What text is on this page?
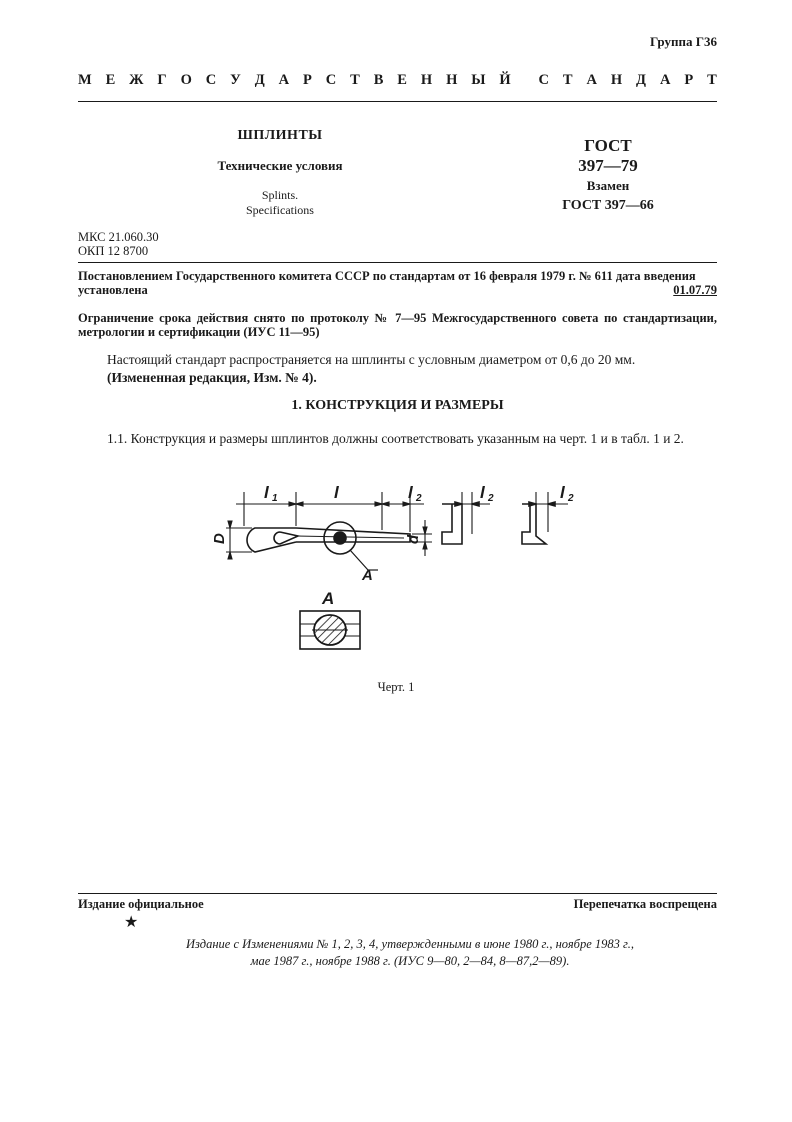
Группа Г36
М Е Ж Г О С У Д А Р С Т В Е Н Н Ы Й С Т А Н Д А Р Т
ШПЛИНТЫ
Технические условия
Splints.
Specifications
ГОСТ
397—79
Взамен
ГОСТ 397—66
МКС 21.060.30
ОКП 12 8700
Постановлением Государственного комитета СССР по стандартам от 16 февраля 1979 г. № 611 дата введения
установлена	01.07.79
Ограничение срока действия снято по протоколу № 7—95 Межгосударственного совета по стандартизации, метрологии и сертификации (ИУС 11—95)
Настоящий стандарт распространяется на шплинты с условным диаметром от 0,6 до 20 мм.
(Измененная редакция, Изм. № 4).
1. КОНСТРУКЦИЯ И РАЗМЕРЫ
1.1. Конструкция и размеры шплинтов должны соответствовать указанным на черт. 1 и в табл. 1 и 2.
l 1	l	l 2	l 2	l 2
D	d
A
A
Черт. 1
Издание официальное	Перепечатка воспрещена
★
Издание с Изменениями № 1, 2, 3, 4, утвержденными в июне 1980 г., ноябре 1983 г.,
мае 1987 г., ноябре 1988 г. (ИУС 9—80, 2—84, 8—87,2—89).
